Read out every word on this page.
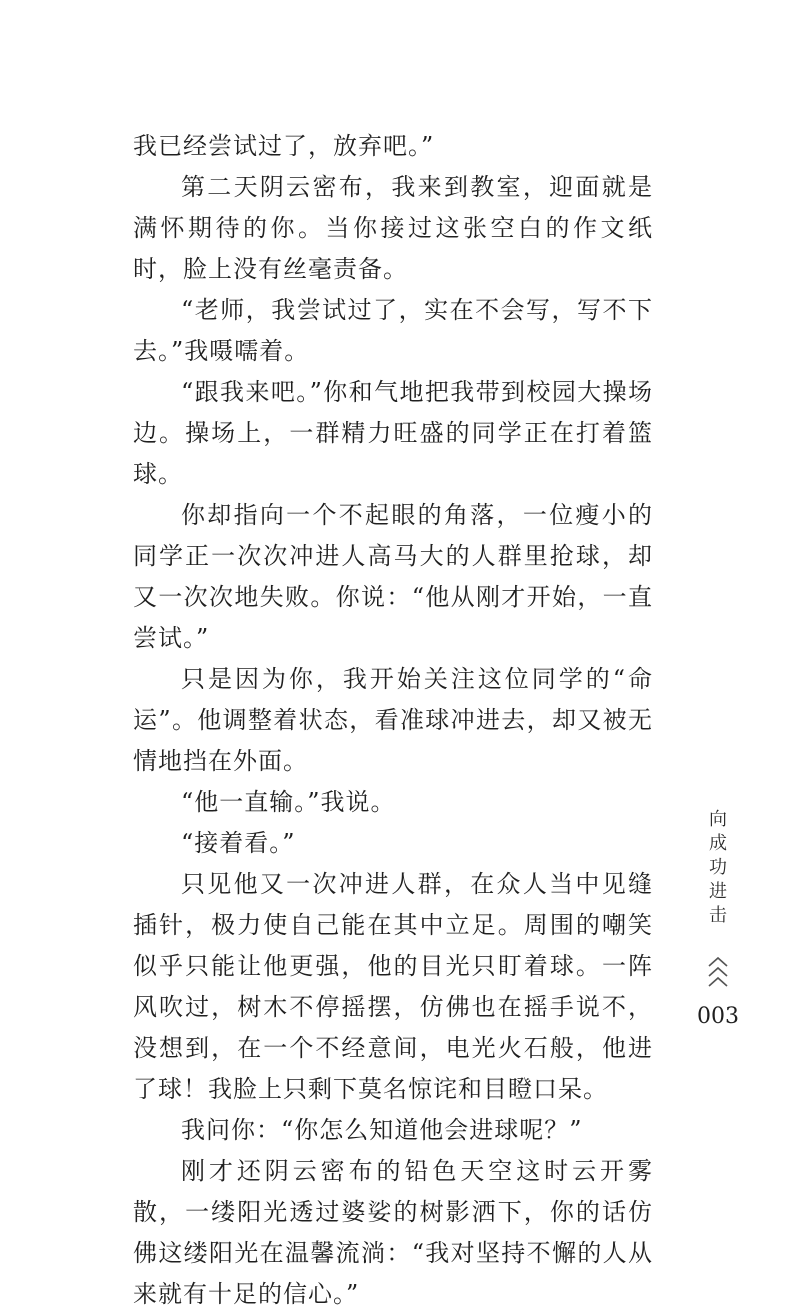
我已经尝试过了，放弃吧。”

第二天阴云密布，我来到教室，迎面就是满怀期待的你。当你接过这张空白的作文纸时，脸上没有丝毫责备。

“老师，我尝试过了，实在不会写，写不下去。”我嗫嚅着。

“跟我来吧。”你和气地把我带到校园大操场边。操场上，一群精力旺盛的同学正在打着篮球。

你却指向一个不起眼的角落，一位瘦小的同学正一次次冲进人高马大的人群里抢球，却又一次次地失败。你说：“他从刚才开始，一直尝试。”

只是因为你，我开始关注这位同学的“命运”。他调整着状态，看准球冲进去，却又被无情地挡在外面。

“他一直输。”我说。

“接着看。”

只见他又一次冲进人群，在众人当中见缝插针，极力使自己能在其中立足。周围的嘲笑似乎只能让他更强，他的目光只盯着球。一阵风吹过，树木不停摇摆，仿佛也在摇手说不，没想到，在一个不经意间，电光火石般，他进了球！我脸上只剩下莫名惊诧和目瞪口呆。

我问你：“你怎么知道他会进球呢？”

刚才还阴云密布的铅色天空这时云开雾散，一缕阳光透过婆娑的树影洒下，你的话仿佛这缕阳光在温馨流淌：“我对坚持不懈的人从来就有十足的信心。”

向成功进击
003
